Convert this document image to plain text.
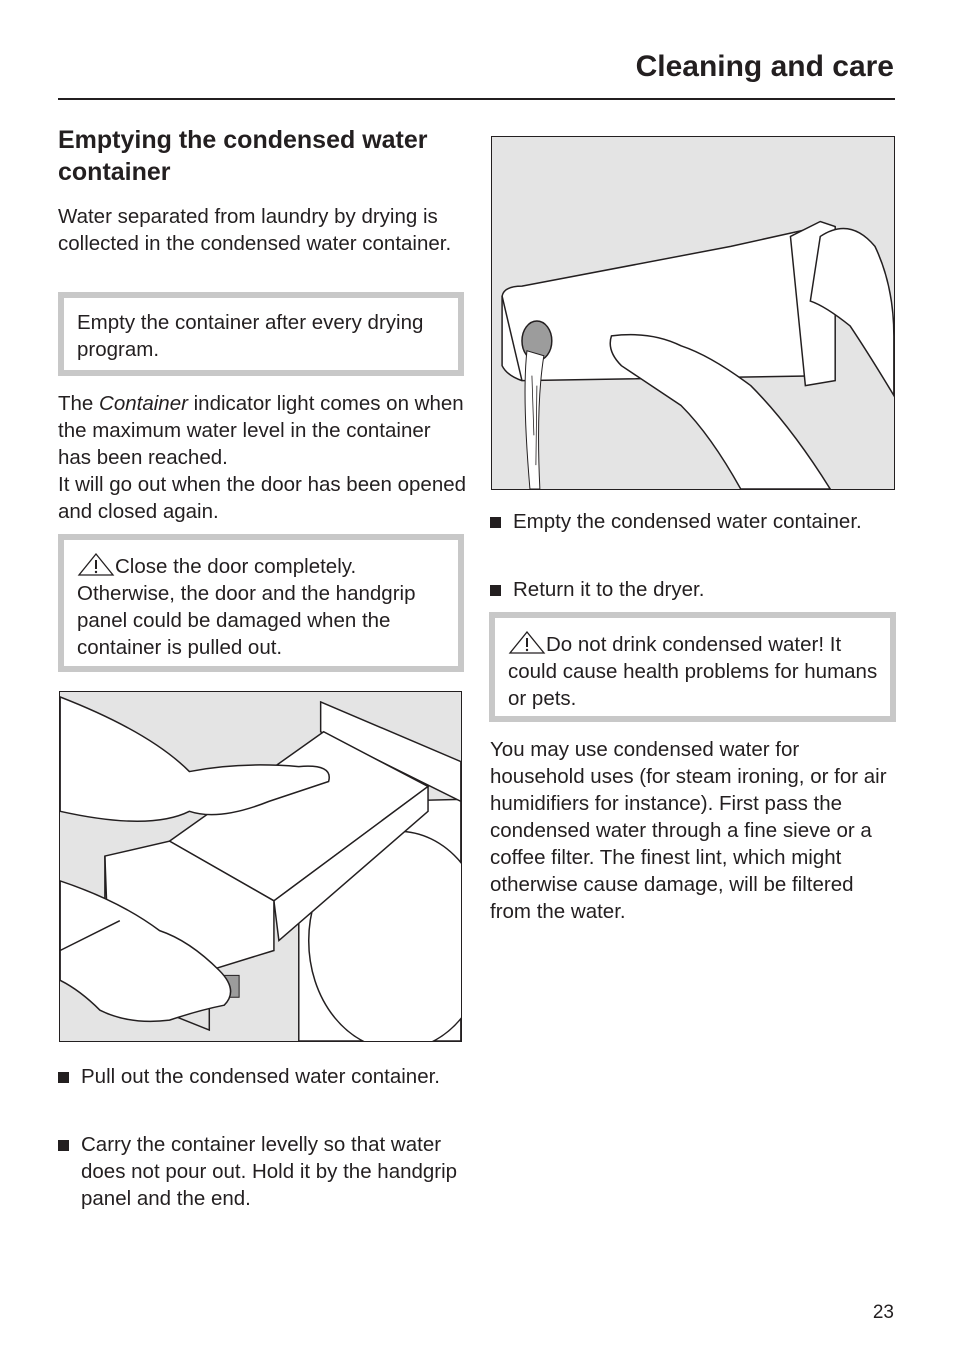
Cleaning and care
Emptying the condensed water container

Water separated from laundry by drying is collected in the condensed water container.

Empty the container after every drying program.

The Container indicator light comes on when the maximum water level in the container has been reached.

It will go out when the door has been opened and closed again.

Close the door completely. Otherwise, the door and the handgrip panel could be damaged when the container is pulled out.
Pull out the condensed water container.
Carry the container levelly so that water does not pour out. Hold it by the handgrip panel and the end.
Empty the condensed water container.
Return it to the dryer.
Do not drink condensed water! It could cause health problems for humans or pets.

You may use condensed water for household uses (for steam ironing, or for air humidifiers for instance). First pass the condensed water through a fine sieve or a coffee filter. The finest lint, which might otherwise cause damage, will be filtered from the water.

23
